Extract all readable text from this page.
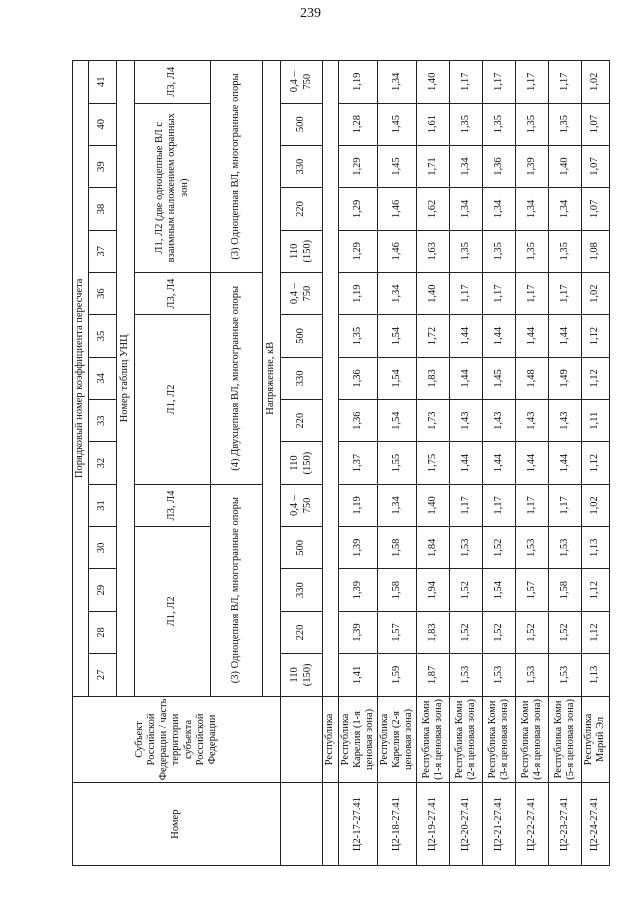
239
Номер	Субъект Российской Федерации / часть территории субъекта Российской Федерации	Порядковый номер коэффициента пересчета														
		27	28	29	30	31	32	33	34	35	36	37	38	39	40	41
		Номер таблиц УНЦ														
		Л1, Л2				Л3, Л4	Л1, Л2				Л3, Л4	Л1, Л2 (две одноцепные ВЛ с взаимным наложением охранных зон)				Л3, Л4
		(3) Одноцепная ВЛ, многогранные опоры					(4) Двухцепная ВЛ, многогранные опоры					(3) Одноцепная ВЛ, многогранные опоры				
		Напряжение, кВ														
		110 (150)	220	330	500	0,4 – 750	110 (150)	220	330	500	0,4 – 750	110 (150)	220	330	500	0,4 – 750
	Республика															
Ц2-17-27.41	Республика Карелия (1-я ценовая зона)	1,41	1,39	1,39	1,39	1,19	1,37	1,36	1,36	1,35	1,19	1,29	1,29	1,29	1,28	1,19
Ц2-18-27.41	Республика Карелия (2-я ценовая зона)	1,59	1,57	1,58	1,58	1,34	1,55	1,54	1,54	1,54	1,34	1,46	1,46	1,45	1,45	1,34
Ц2-19-27.41	Республика Коми (1-я ценовая зона)	1,87	1,83	1,94	1,84	1,40	1,75	1,73	1,83	1,72	1,40	1,63	1,62	1,71	1,61	1,40
Ц2-20-27.41	Республика Коми (2-я ценовая зона)	1,53	1,52	1,52	1,53	1,17	1,44	1,43	1,44	1,44	1,17	1,35	1,34	1,34	1,35	1,17
Ц2-21-27.41	Республика Коми (3-я ценовая зона)	1,53	1,52	1,54	1,52	1,17	1,44	1,43	1,45	1,44	1,17	1,35	1,34	1,36	1,35	1,17
Ц2-22-27.41	Республика Коми (4-я ценовая зона)	1,53	1,52	1,57	1,53	1,17	1,44	1,43	1,48	1,44	1,17	1,35	1,34	1,39	1,35	1,17
Ц2-23-27.41	Республика Коми (5-я ценовая зона)	1,53	1,52	1,58	1,53	1,17	1,44	1,43	1,49	1,44	1,17	1,35	1,34	1,40	1,35	1,17
Ц2-24-27.41	Республика Марий Эл	1,13	1,12	1,12	1,13	1,02	1,12	1,11	1,12	1,12	1,02	1,08	1,07	1,07	1,07	1,02
